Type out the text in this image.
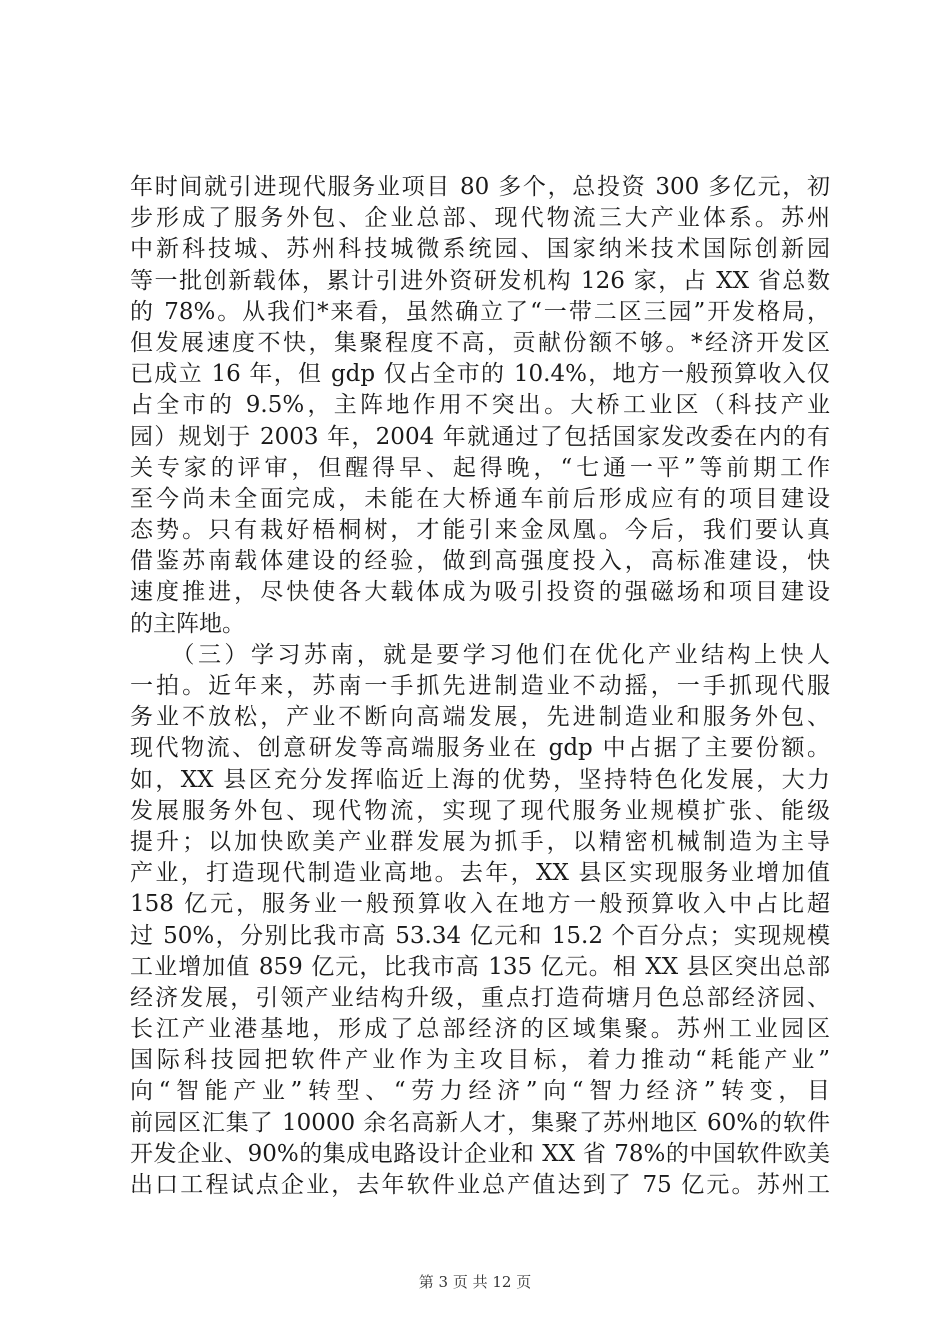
年时间就引进现代服务业项目 80 多个，总投资 300 多亿元，初
步形成了服务外包、企业总部、现代物流三大产业体系。苏州
中新科技城、苏州科技城微系统园、国家纳米技术国际创新园
等一批创新载体，累计引进外资研发机构 126 家，占 XX 省总数
的 78%。从我们*来看，虽然确立了“一带二区三园”开发格局，
但发展速度不快，集聚程度不高，贡献份额不够。*经济开发区
已成立 16 年，但 gdp 仅占全市的 10.4%，地方一般预算收入仅
占全市的 9.5%，主阵地作用不突出。大桥工业区（科技产业
园）规划于 2003 年，2004 年就通过了包括国家发改委在内的有
关专家的评审，但醒得早、起得晚，“七通一平”等前期工作
至今尚未全面完成，未能在大桥通车前后形成应有的项目建设
态势。只有栽好梧桐树，才能引来金凤凰。今后，我们要认真
借鉴苏南载体建设的经验，做到高强度投入，高标准建设，快
速度推进，尽快使各大载体成为吸引投资的强磁场和项目建设
的主阵地。
　　（三）学习苏南，就是要学习他们在优化产业结构上快人
一拍。近年来，苏南一手抓先进制造业不动摇，一手抓现代服
务业不放松，产业不断向高端发展，先进制造业和服务外包、
现代物流、创意研发等高端服务业在 gdp 中占据了主要份额。
如，XX 县区充分发挥临近上海的优势，坚持特色化发展，大力
发展服务外包、现代物流，实现了现代服务业规模扩张、能级
提升；以加快欧美产业群发展为抓手，以精密机械制造为主导
产业，打造现代制造业高地。去年，XX 县区实现服务业增加值
158 亿元，服务业一般预算收入在地方一般预算收入中占比超
过 50%，分别比我市高 53.34 亿元和 15.2 个百分点；实现规模
工业增加值 859 亿元，比我市高 135 亿元。相 XX 县区突出总部
经济发展，引领产业结构升级，重点打造荷塘月色总部经济园、
长江产业港基地，形成了总部经济的区域集聚。苏州工业园区
国际科技园把软件产业作为主攻目标，着力推动“耗能产业”
向“智能产业”转型、“劳力经济”向“智力经济”转变，目
前园区汇集了 10000 余名高新人才，集聚了苏州地区 60%的软件
开发企业、90%的集成电路设计企业和 XX 省 78%的中国软件欧美
出口工程试点企业，去年软件业总产值达到了 75 亿元。苏州工
第 3 页 共 12 页
